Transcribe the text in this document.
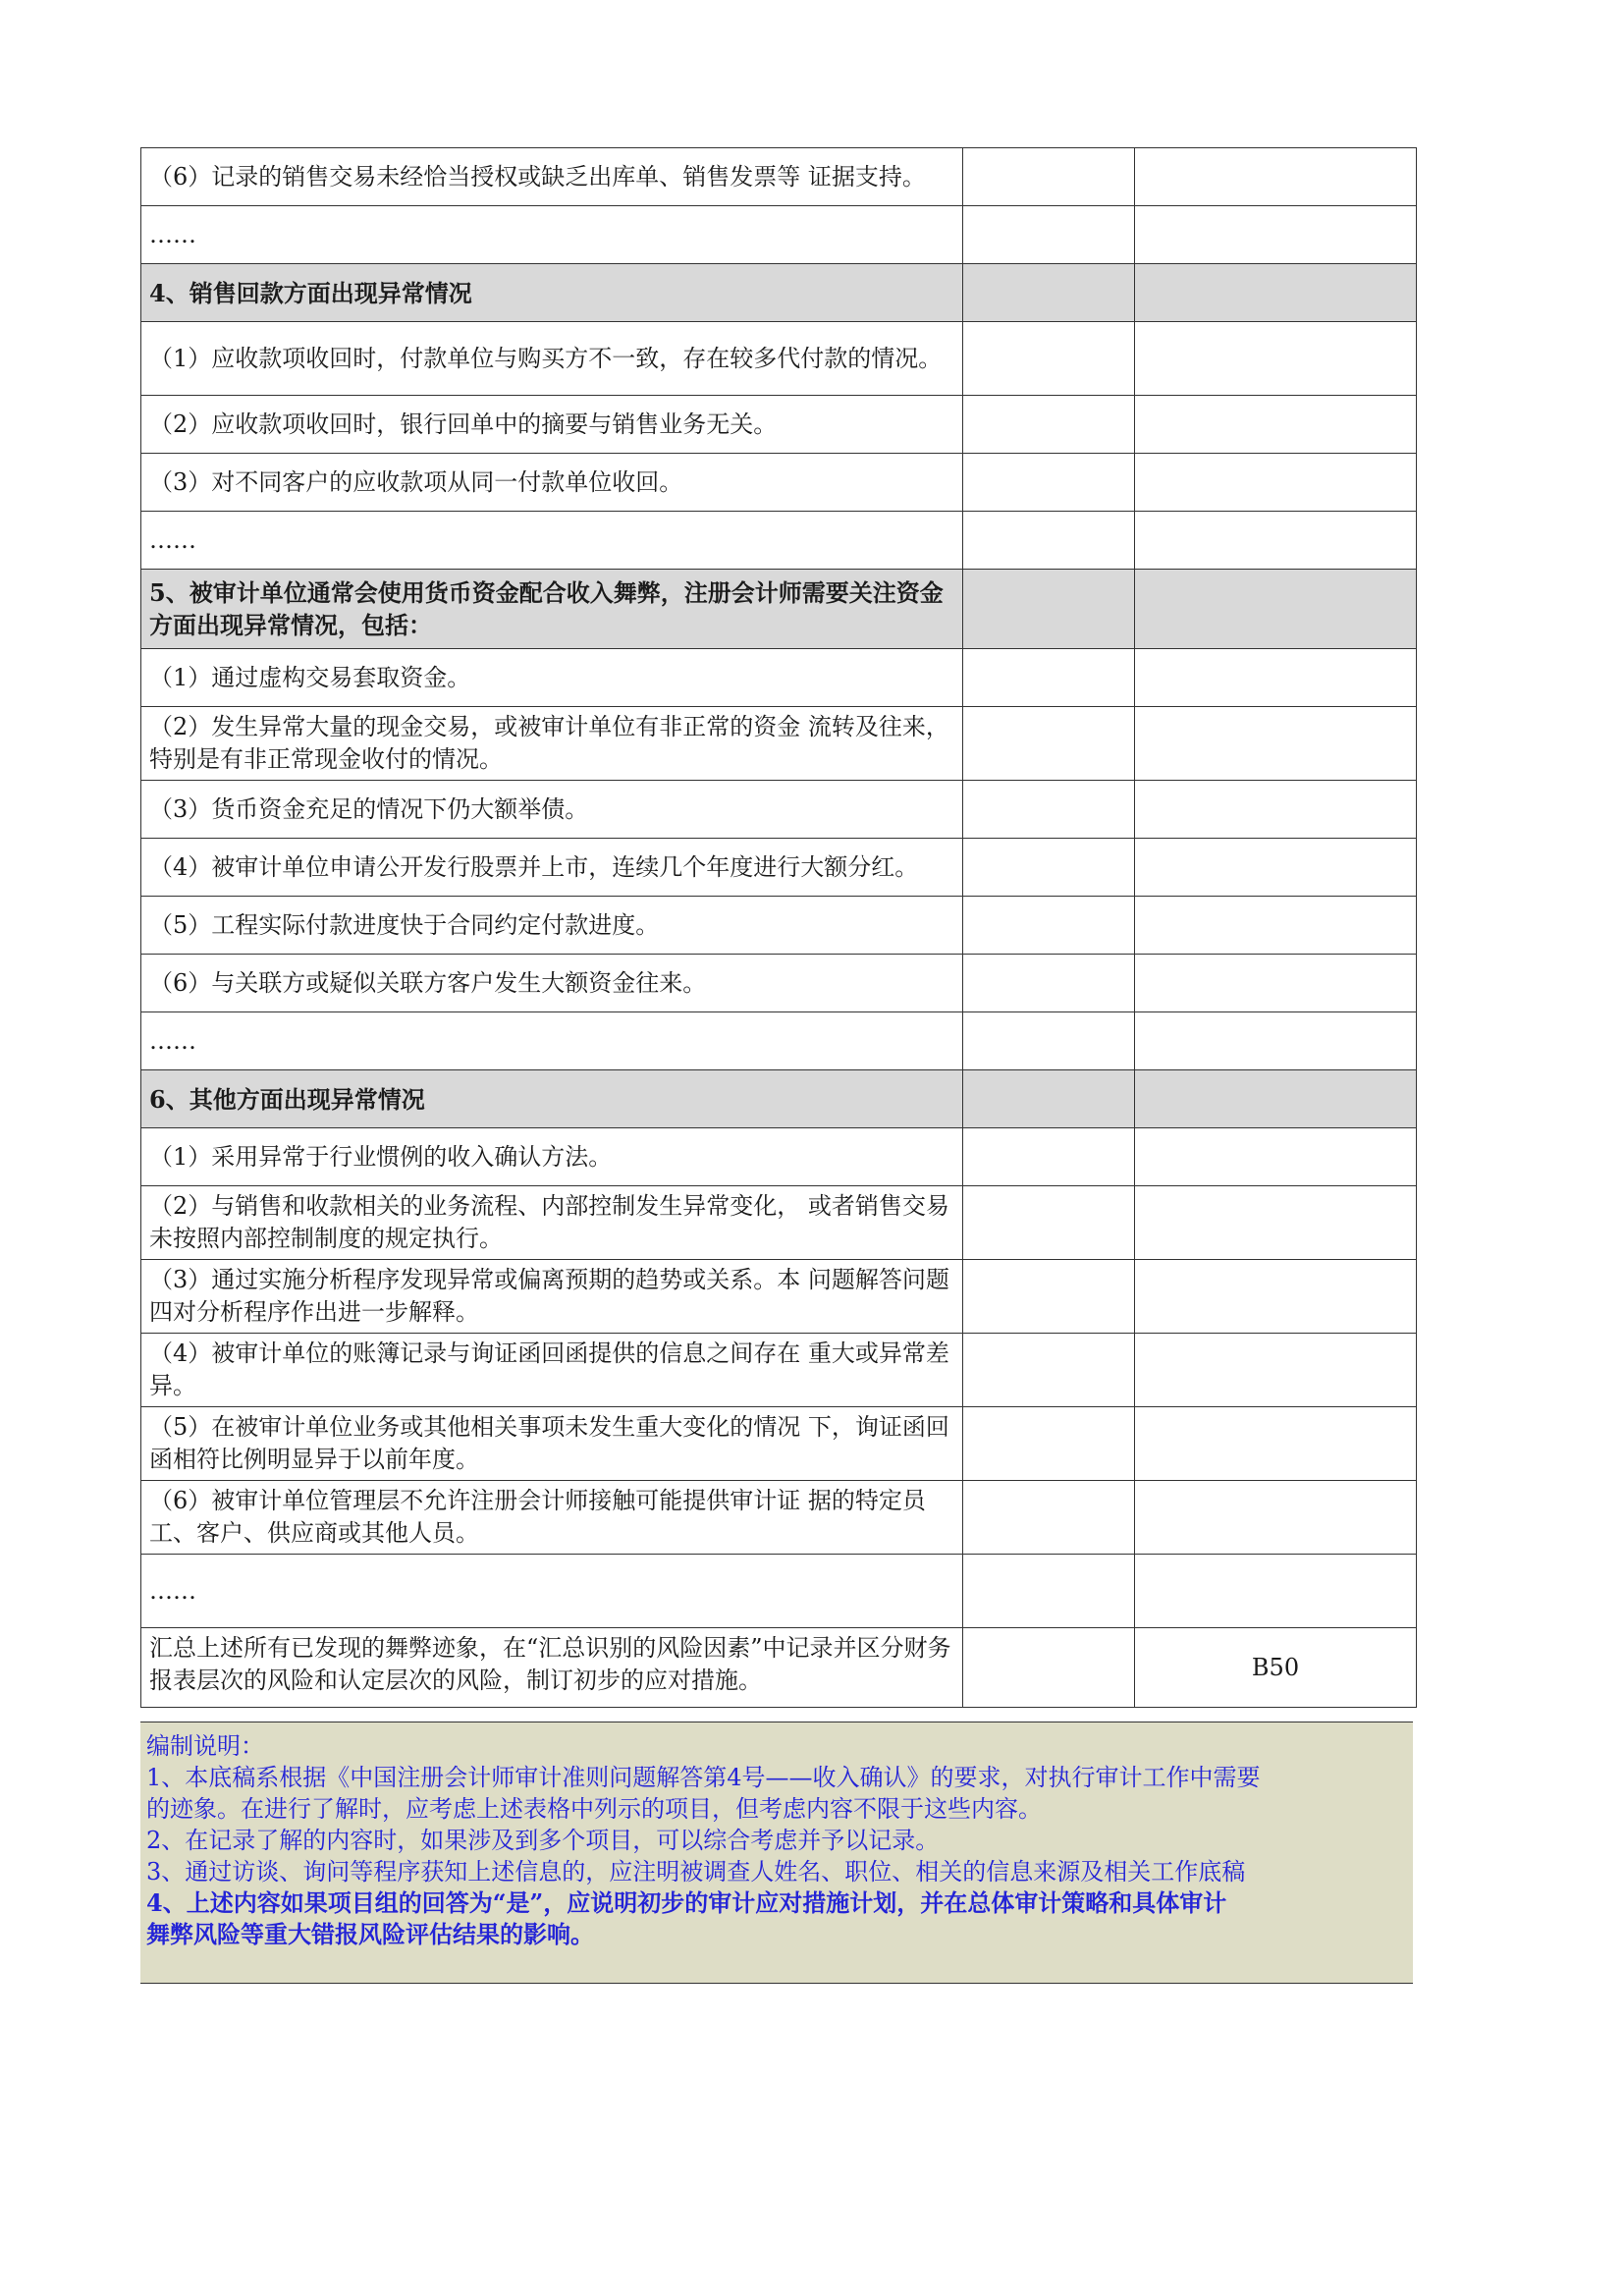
（6）记录的销售交易未经恰当授权或缺乏出库单、销售发票等 证据支持。		

……		

4、销售回款方面出现异常情况		

（1）应收款项收回时，付款单位与购买方不一致，存在较多代付款的情况。		

（2）应收款项收回时，银行回单中的摘要与销售业务无关。		

（3）对不同客户的应收款项从同一付款单位收回。		

……		

5、被审计单位通常会使用货币资金配合收入舞弊，注册会计师需要关注资金方面出现异常情况，包括：		

（1）通过虚构交易套取资金。		

（2）发生异常大量的现金交易，或被审计单位有非正常的资金 流转及往来，特别是有非正常现金收付的情况。		

（3）货币资金充足的情况下仍大额举债。		

（4）被审计单位申请公开发行股票并上市，连续几个年度进行大额分红。		

（5）工程实际付款进度快于合同约定付款进度。		

（6）与关联方或疑似关联方客户发生大额资金往来。		

……		

6、其他方面出现异常情况		

（1）采用异常于行业惯例的收入确认方法。		

（2）与销售和收款相关的业务流程、内部控制发生异常变化， 或者销售交易未按照内部控制制度的规定执行。		

（3）通过实施分析程序发现异常或偏离预期的趋势或关系。本 问题解答问题四对分析程序作出进一步解释。		

（4）被审计单位的账簿记录与询证函回函提供的信息之间存在 重大或异常差异。		

（5）在被审计单位业务或其他相关事项未发生重大变化的情况 下，询证函回函相符比例明显异于以前年度。		

（6）被审计单位管理层不允许注册会计师接触可能提供审计证 据的特定员工、客户、供应商或其他人员。		

……		

汇总上述所有已发现的舞弊迹象，在“汇总识别的风险因素”中记录并区分财务报表层次的风险和认定层次的风险，制订初步的应对措施。		B50
编制说明：
1、本底稿系根据《中国注册会计师审计准则问题解答第4号——收入确认》的要求，对执行审计工作中需要
的迹象。在进行了解时，应考虑上述表格中列示的项目，但考虑内容不限于这些内容。
2、在记录了解的内容时，如果涉及到多个项目，可以综合考虑并予以记录。
3、通过访谈、询问等程序获知上述信息的，应注明被调查人姓名、职位、相关的信息来源及相关工作底稿
4、上述内容如果项目组的回答为“是”，应说明初步的审计应对措施计划，并在总体审计策略和具体审计
舞弊风险等重大错报风险评估结果的影响。
